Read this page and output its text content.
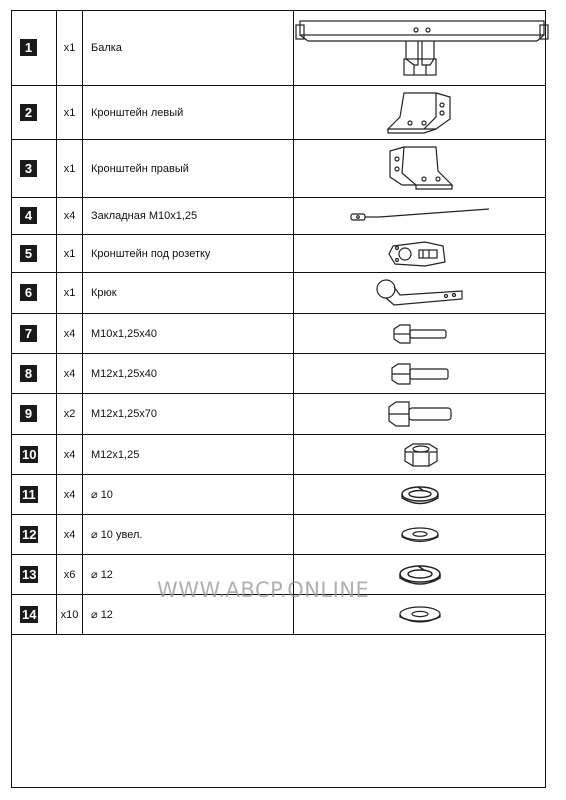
1	x1	Балка	

2	x1	Кронштейн левый	

3	x1	Кронштейн правый	

4	x4	Закладная М10х1,25	

5	x1	Кронштейн под розетку	

6	x1	Крюк	

7	x4	М10х1,25х40	

8	x4	М12х1,25х40	

9	x2	М12х1,25х70	

10	x4	М12х1,25	

11	x4	⌀ 10	

12	x4	⌀ 10 увел.	

13	x6	⌀ 12	

14	x10	⌀ 12	
WWW.ABCP.ONLINE
